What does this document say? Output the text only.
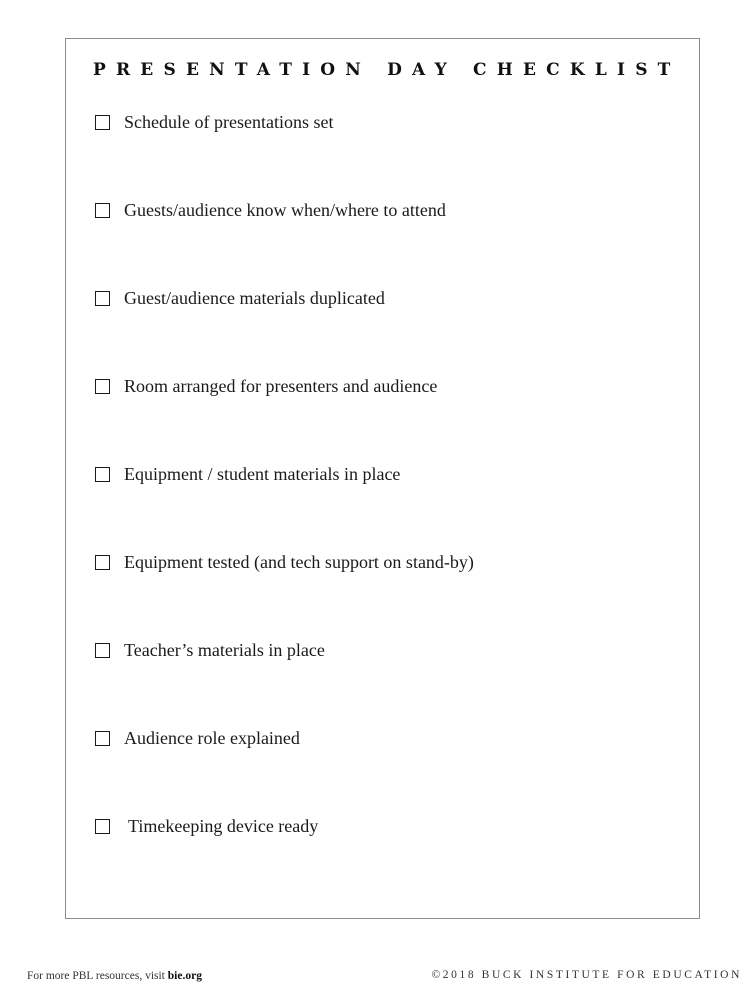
PRESENTATION DAY CHECKLIST
Schedule of presentations set
Guests/audience know when/where to attend
Guest/audience materials duplicated
Room arranged for presenters and audience
Equipment / student materials in place
Equipment tested (and tech support on stand-by)
Teacher’s materials in place
Audience role explained
Timekeeping device ready
For more PBL resources, visit bie.org	©2018 BUCK INSTITUTE FOR EDUCATION
